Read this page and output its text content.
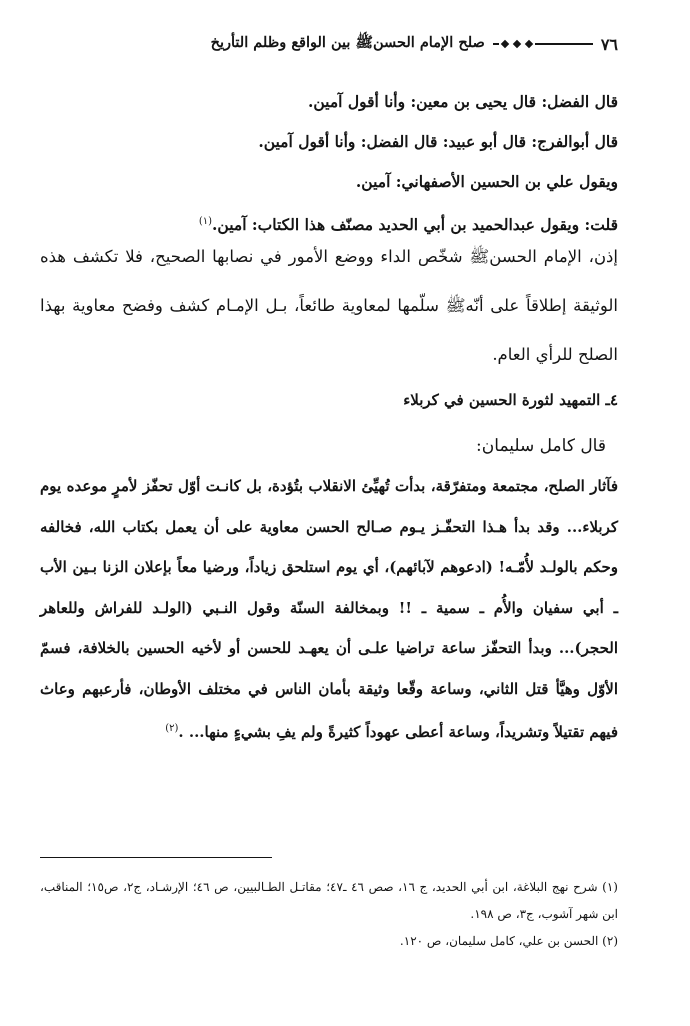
٧٦
صلح الإمام الحسنﷺ بين الواقع وظلم التأريخ

قال الفضل: قال يحيى بن معين: وأنا أقول آمين.

قال أبوالفرج: قال أبو عبيد: قال الفضل: وأنا أقول آمين.

ويقول علي بن الحسين الأصفهاني: آمين.

قلت: ويقول عبدالحميد بن أبي الحديد مصنّف هذا الكتاب: آمين.$^{(١)}$

إذن، الإمام الحسنﷺ شخّص الداء ووضع الأمور في نصابها الصحيح، فلا تكشف هذه الوثيقة إطلاقاً على أنّهﷺ سلّمها لمعاوية طائعاً، بـل الإمـام كشف وفضح معاوية بهذا الصلح للرأي العام.

٤ـ التمهيد لثورة الحسين في كربلاء

قال كامل سليمان:

فآثار الصلح، مجتمعة ومتفرّقة، بدأت تُهيِّئ الانقلاب بتُؤدة، بل كانـت أوّل تحفّز لأمرٍ موعده يوم كربلاء... وقد بدأ هـذا التحفّـز يـوم صـالح الحسن معاوية على أن يعمل بكتاب الله، فخالفه وحكم بالولـد لأُمّـه! (ادعوهم لآبائهم)، أي يوم استلحق زياداً، ورضيا معاً بإعلان الزنا بـين الأب ـ أبي سفيان والأُم ـ سمية ـ !! وبمخالفة السنّة وقول النـبي (الولـد للفراش وللعاهر الحجر)... وبدأ التحفّز ساعة تراضيا علـى أن يعهـد للحسن أو لأخيه الحسين بالخلافة، فسمّ الأوّل وهيَّأ قتل الثاني، وساعة وقّعا وثيقة بأمان الناس في مختلف الأوطان، فأرعبهم وعاث فيهم تقتيلاً وتشريداً، وساعة أعطى عهوداً كثيرةً ولم يفِ بشيءٍ منها... .$^{(٢)}$

(١) شرح نهج البلاغة، ابن أبي الحديد، ج ١٦، صص ٤٦ ـ٤٧؛ مقاتـل الطـالبيين، ص ٤٦؛ الإرشـاد، ج٢، ص١٥؛ المناقب، ابن شهر آشوب، ج٣، ص ١٩٨.

(٢) الحسن بن علي، كامل سليمان، ص ١٢٠.
